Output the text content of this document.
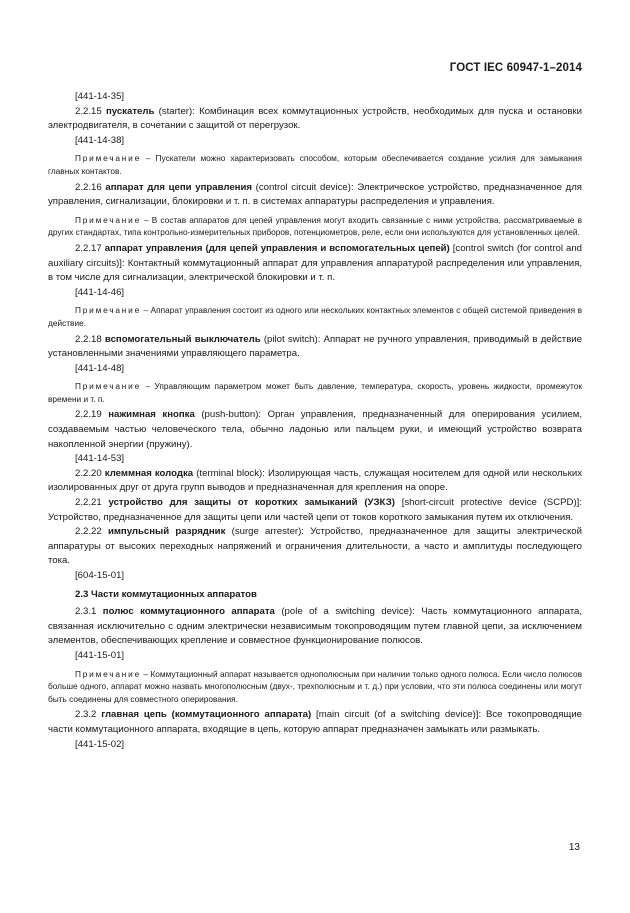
ГОСТ IEC 60947-1–2014

[441-14-35]

2.2.15 пускатель (starter): Комбинация всех коммутационных устройств, необходимых для пуска и остановки электродвигателя, в сочетании с защитой от перегрузок.

[441-14-38]

Примечание – Пускатели можно характеризовать способом, которым обеспечивается создание усилия для замыкания главных контактов.

2.2.16 аппарат для цепи управления (control circuit device): Электрическое устройство, предназначенное для управления, сигнализации, блокировки и т. п. в системах аппаратуры распределения и управления.

Примечание – В состав аппаратов для цепей управления могут входить связанные с ними устройства, рассматриваемые в других стандартах, типа контрольно-измерительных приборов, потенциометров, реле, если они используются для установленных целей.

2.2.17 аппарат управления (для цепей управления и вспомогательных цепей) [control switch (for control and auxiliary circuits)]: Контактный коммутационный аппарат для управления аппаратурой распределения или управления, в том числе для сигнализации, электрической блокировки и т. п.

[441-14-46]

Примечание – Аппарат управления состоит из одного или нескольких контактных элементов с общей системой приведения в действие.

2.2.18 вспомогательный выключатель (pilot switch): Аппарат не ручного управления, приводимый в действие установленными значениями управляющего параметра.

[441-14-48]

Примечание – Управляющим параметром может быть давление, температура, скорость, уровень жидкости, промежуток времени и т. п.

2.2.19 нажимная кнопка (push-button): Орган управления, предназначенный для оперирования усилием, создаваемым частью человеческого тела, обычно ладонью или пальцем руки, и имеющий устройство возврата накопленной энергии (пружину).

[441-14-53]

2.2.20 клеммная колодка (terminal block): Изолирующая часть, служащая носителем для одной или нескольких изолированных друг от друга групп выводов и предназначенная для крепления на опоре.

2.2.21 устройство для защиты от коротких замыканий (УЗКЗ) [short-circuit protective device (SCPD)]: Устройство, предназначенное для защиты цепи или частей цепи от токов короткого замыкания путем их отключения.

2.2.22 импульсный разрядник (surge arrester): Устройство, предназначенное для защиты электрической аппаратуры от высоких переходных напряжений и ограничения длительности, а часто и амплитуды последующего тока.

[604-15-01]

2.3 Части коммутационных аппаратов

2.3.1 полюс коммутационного аппарата (pole of a switching device): Часть коммутационного аппарата, связанная исключительно с одним электрически независимым токопроводящим путем главной цепи, за исключением элементов, обеспечивающих крепление и совместное функционирование полюсов.

[441-15-01]

Примечание – Коммутационный аппарат называется однополюсным при наличии только одного полюса. Если число полюсов больше одного, аппарат можно назвать многополюсным (двух-, трехполюсным и т. д.) при условии, что эти полюса соединены или могут быть соединены для совместного оперирования.

2.3.2 главная цепь (коммутационного аппарата) [main circuit (of a switching device)]: Все токопроводящие части коммутационного аппарата, входящие в цепь, которую аппарат предназначен замыкать или размыкать.

[441-15-02]

13
